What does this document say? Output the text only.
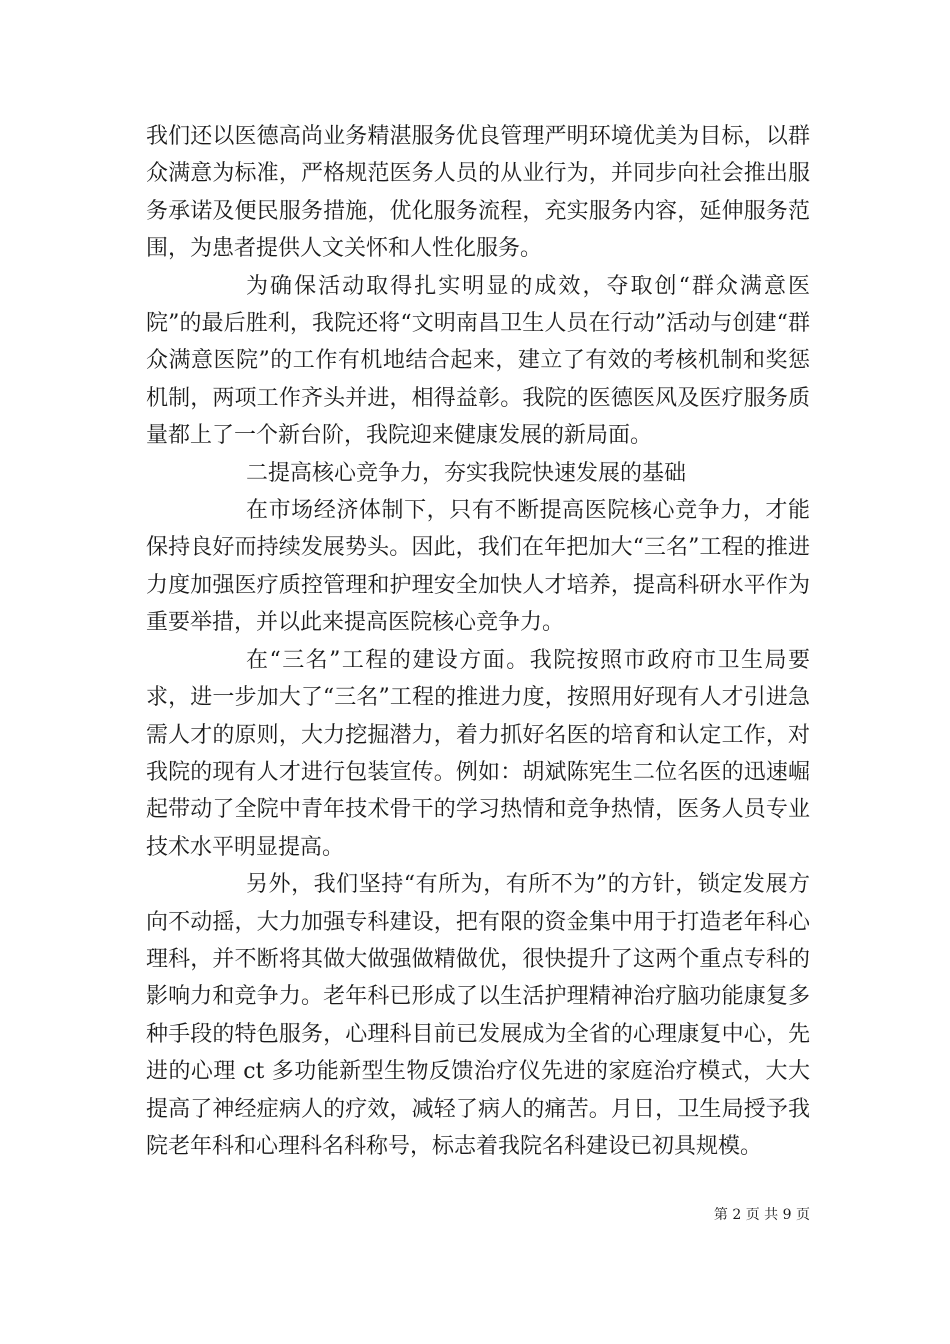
我们还以医德高尚业务精湛服务优良管理严明环境优美为目标，以群众满意为标准，严格规范医务人员的从业行为，并同步向社会推出服务承诺及便民服务措施，优化服务流程，充实服务内容，延伸服务范围，为患者提供人文关怀和人性化服务。

为确保活动取得扎实明显的成效，夺取创“群众满意医院”的最后胜利，我院还将“文明南昌卫生人员在行动”活动与创建“群众满意医院”的工作有机地结合起来，建立了有效的考核机制和奖惩机制，两项工作齐头并进，相得益彰。我院的医德医风及医疗服务质量都上了一个新台阶，我院迎来健康发展的新局面。

二提高核心竞争力，夯实我院快速发展的基础

在市场经济体制下，只有不断提高医院核心竞争力，才能保持良好而持续发展势头。因此，我们在年把加大“三名”工程的推进力度加强医疗质控管理和护理安全加快人才培养，提高科研水平作为重要举措，并以此来提高医院核心竞争力。

在“三名”工程的建设方面。我院按照市政府市卫生局要求，进一步加大了“三名”工程的推进力度，按照用好现有人才引进急需人才的原则，大力挖掘潜力，着力抓好名医的培育和认定工作，对我院的现有人才进行包装宣传。例如：胡斌陈宪生二位名医的迅速崛起带动了全院中青年技术骨干的学习热情和竞争热情，医务人员专业技术水平明显提高。

另外，我们坚持“有所为，有所不为”的方针，锁定发展方向不动摇，大力加强专科建设，把有限的资金集中用于打造老年科心理科，并不断将其做大做强做精做优，很快提升了这两个重点专科的影响力和竞争力。老年科已形成了以生活护理精神治疗脑功能康复多种手段的特色服务，心理科目前已发展成为全省的心理康复中心，先进的心理 ct 多功能新型生物反馈治疗仪先进的家庭治疗模式，大大提高了神经症病人的疗效，减轻了病人的痛苦。月日，卫生局授予我院老年科和心理科名科称号，标志着我院名科建设已初具规模。

第 2 页 共 9 页
